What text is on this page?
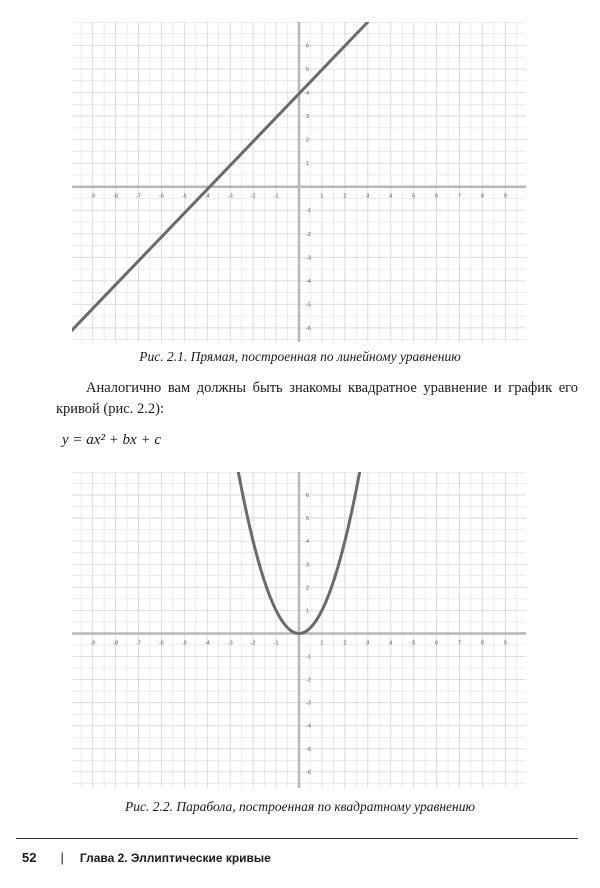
-9	-8	-7	-6	-5	-4	-3	-2	-1	1	2	3	4	5	6	7	8	9
6
5
4
3
2
1
-1
-2
-3
-4
-5
-6
Рис. 2.1. Прямая, построенная по линейному уравнению
Аналогично вам должны быть знакомы квадратное уравнение и график его кривой (рис. 2.2):
y = ax² + bx + c
-9	-8	-7	-6	-5	-4	-3	-2	-1	1	2	3	4	5	6	7	8	9
6
5
4
3
2
1
-1
-2
-3
-4
-5
-6
Рис. 2.2. Парабола, построенная по квадратному уравнению
52 | Глава 2. Эллиптические кривые
